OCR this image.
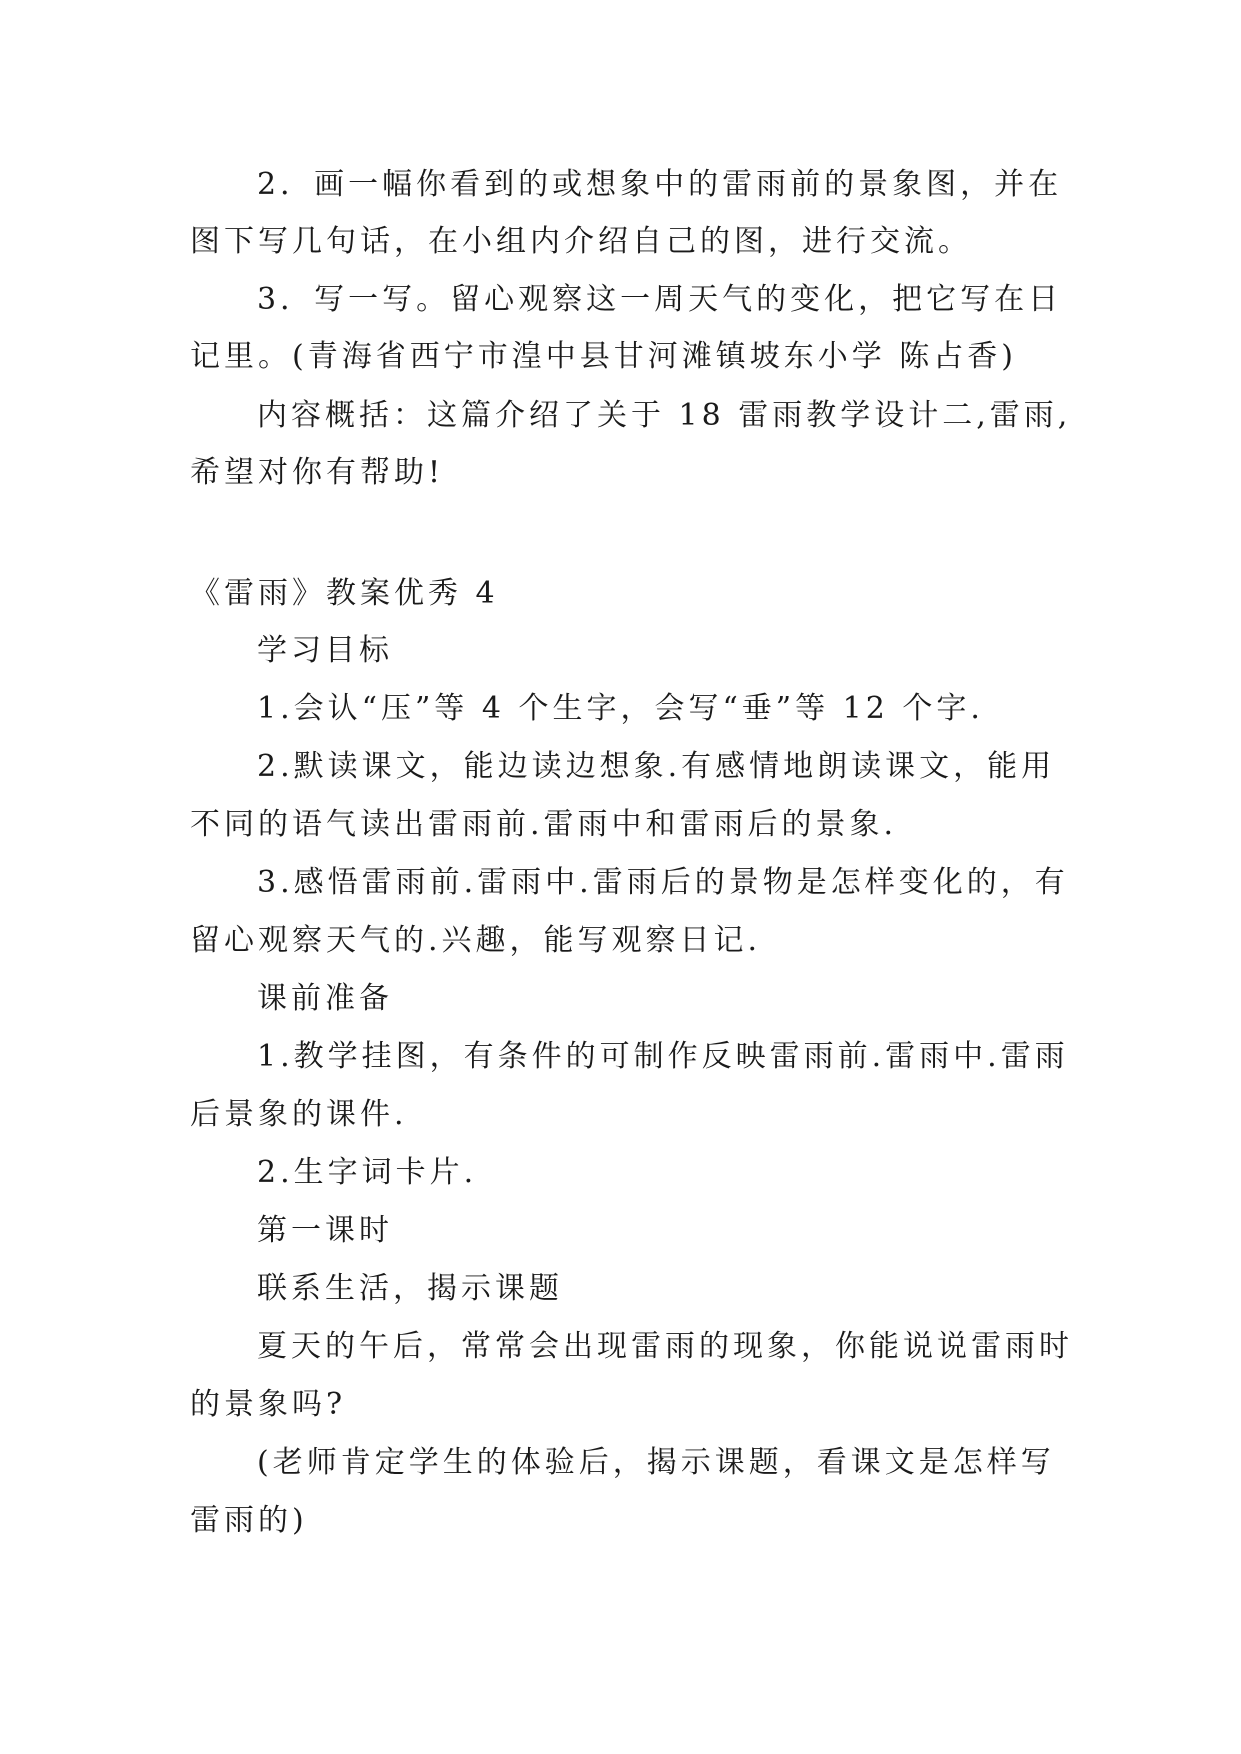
2．画一幅你看到的或想象中的雷雨前的景象图，并在
图下写几句话，在小组内介绍自己的图，进行交流。
3．写一写。留心观察这一周天气的变化，把它写在日
记里。(青海省西宁市湟中县甘河滩镇坡东小学 陈占香)
内容概括：这篇介绍了关于 18 雷雨教学设计二,雷雨,
希望对你有帮助!
《雷雨》教案优秀 4
学习目标
1.会认“压”等 4 个生字，会写“垂”等 12 个字.
2.默读课文，能边读边想象.有感情地朗读课文，能用
不同的语气读出雷雨前.雷雨中和雷雨后的景象.
3.感悟雷雨前.雷雨中.雷雨后的景物是怎样变化的，有
留心观察天气的.兴趣，能写观察日记.
课前准备
1.教学挂图，有条件的可制作反映雷雨前.雷雨中.雷雨
后景象的课件.
2.生字词卡片.
第一课时
联系生活，揭示课题
夏天的午后，常常会出现雷雨的现象，你能说说雷雨时
的景象吗?
(老师肯定学生的体验后，揭示课题，看课文是怎样写
雷雨的)
